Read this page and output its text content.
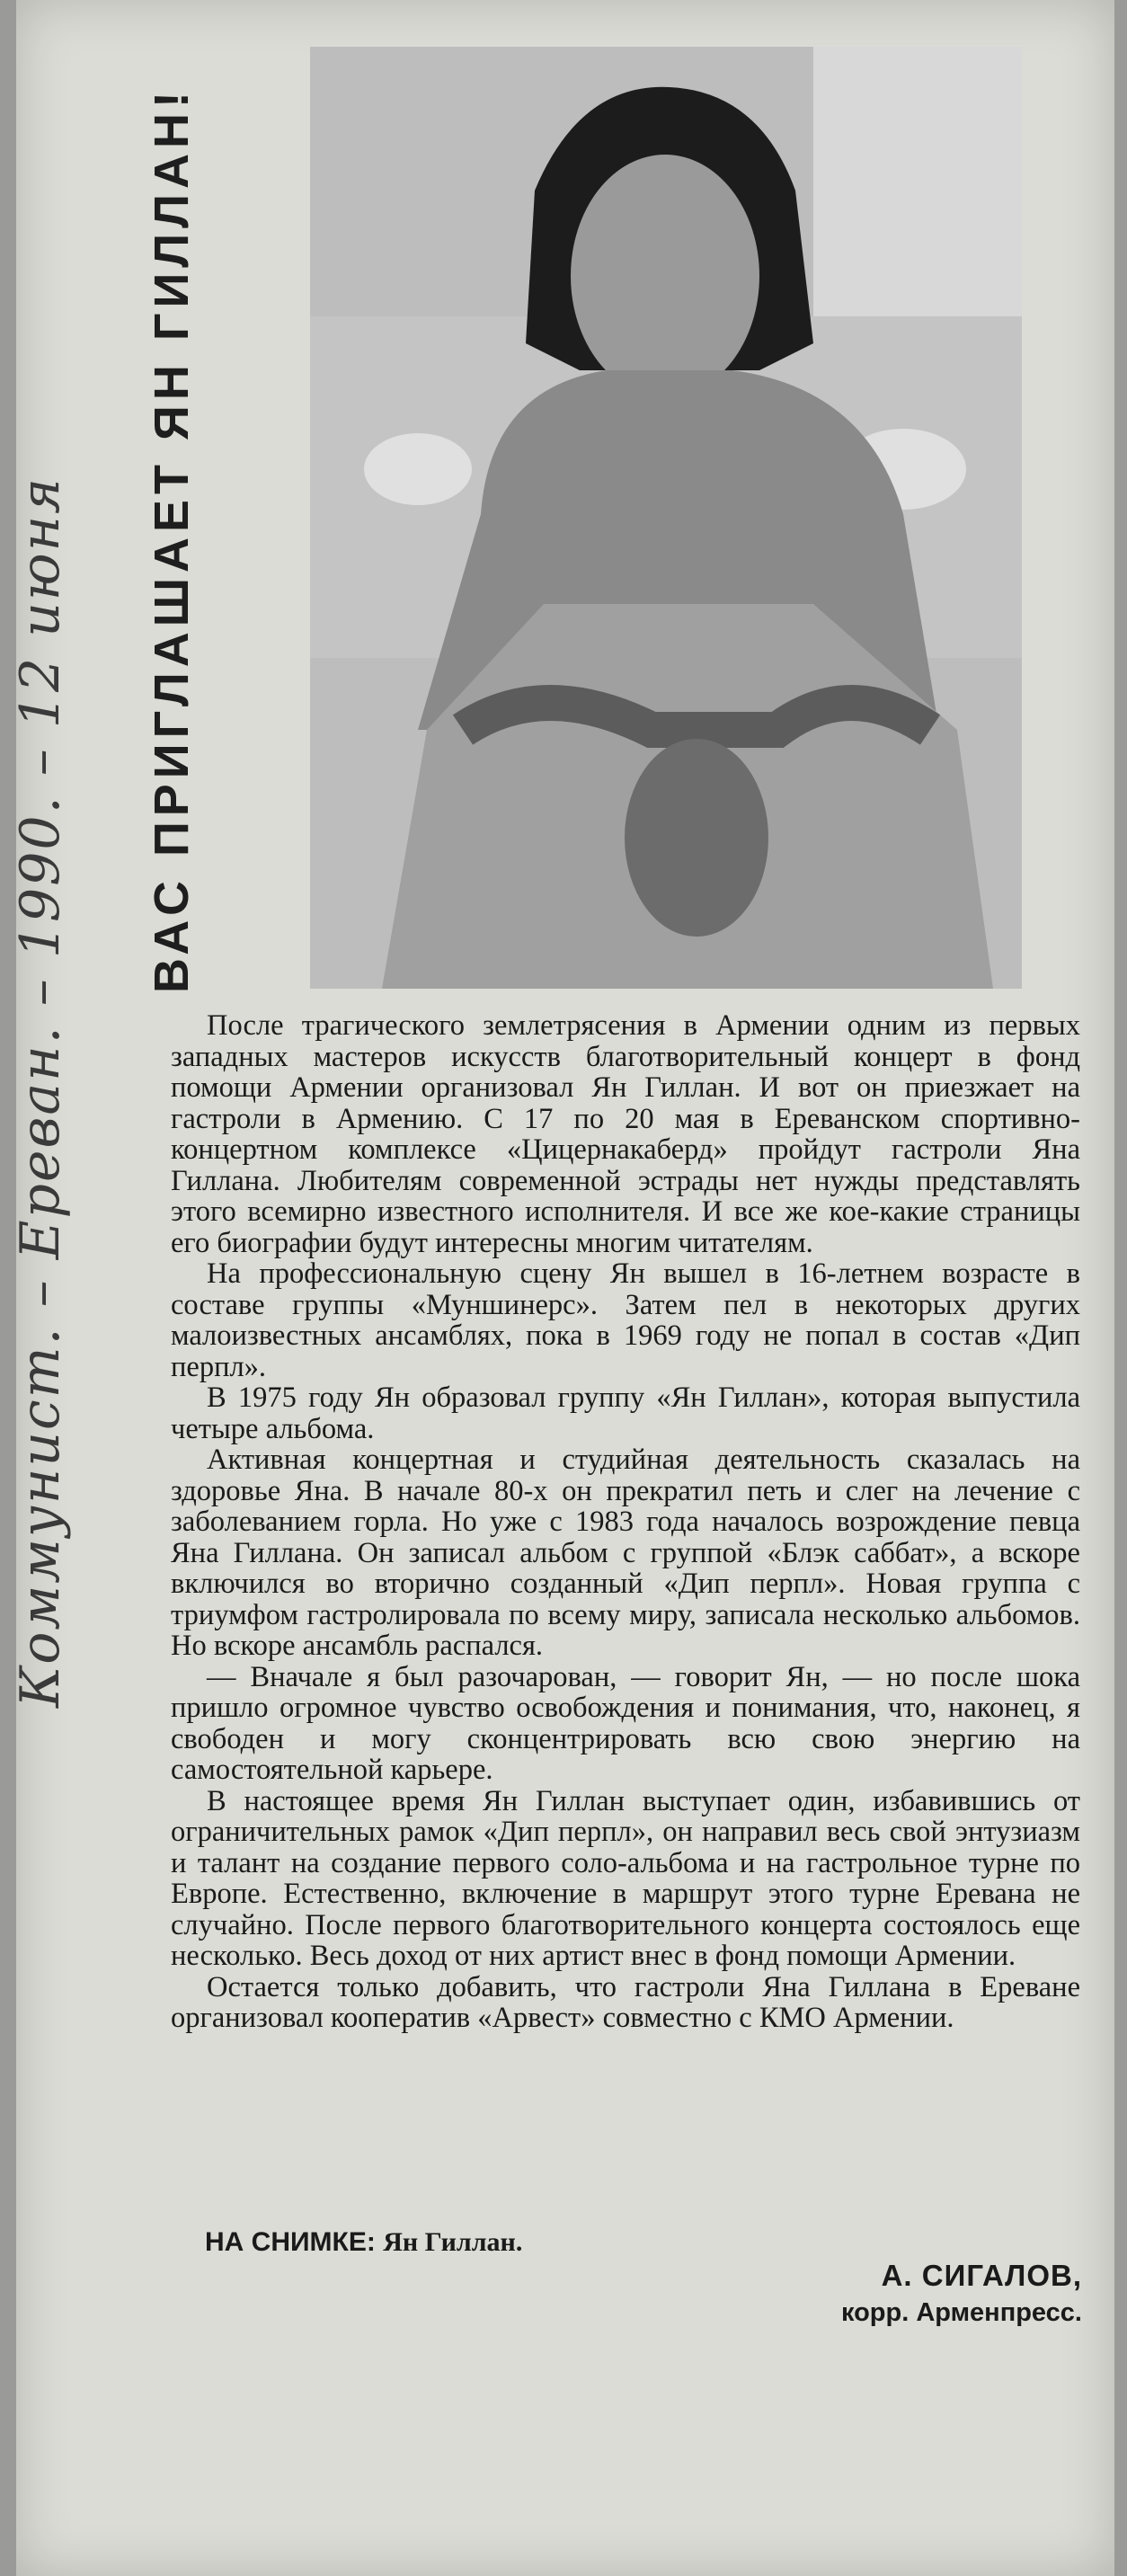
Коммунист. – Ереван. – 1990. – 12 июня ВАС ПРИГЛАШАЕТ ЯН ГИЛЛАН!

После трагического землетрясения в Армении одним из первых западных мастеров искусств благотворительный концерт в фонд помощи Армении организовал Ян Гиллан. И вот он приезжает на гастроли в Армению. С 17 по 20 мая в Ереванском спортивно-концертном комплексе «Цицернакаберд» пройдут гастроли Яна Гиллана. Любителям современной эстрады нет нужды представлять этого всемирно известного исполнителя. И все же кое-какие страницы его биографии будут интересны многим читателям.

На профессиональную сцену Ян вышел в 16-летнем возрасте в составе группы «Муншинерс». Затем пел в некоторых других малоизвестных ансамблях, пока в 1969 году не попал в состав «Дип перпл».

В 1975 году Ян образовал группу «Ян Гиллан», которая выпустила четыре альбома.

Активная концертная и студийная деятельность сказалась на здоровье Яна. В начале 80-х он прекратил петь и слег на лечение с заболеванием горла. Но уже с 1983 года началось возрождение певца Яна Гиллана. Он записал альбом с группой «Блэк саббат», а вскоре включился во вторично созданный «Дип перпл». Новая группа с триумфом гастролировала по всему миру, записала несколько альбомов. Но вскоре ансамбль распался.

— Вначале я был разочарован, — говорит Ян, — но после шока пришло огромное чувство освобождения и понимания, что, наконец, я свободен и могу сконцентрировать всю свою энергию на самостоятельной карьере.

В настоящее время Ян Гиллан выступает один, избавившись от ограничительных рамок «Дип перпл», он направил весь свой энтузиазм и талант на создание первого соло-альбома и на гастрольное турне по Европе. Естественно, включение в маршрут этого турне Еревана не случайно. После первого благотворительного концерта состоялось еще несколько. Весь доход от них артист внес в фонд помощи Армении.

Остается только добавить, что гастроли Яна Гиллана в Ереване организовал кооператив «Арвест» совместно с КМО Армении.

НА СНИМКЕ: Ян Гиллан.
А. СИГАЛОВ,
корр. Арменпресс.
